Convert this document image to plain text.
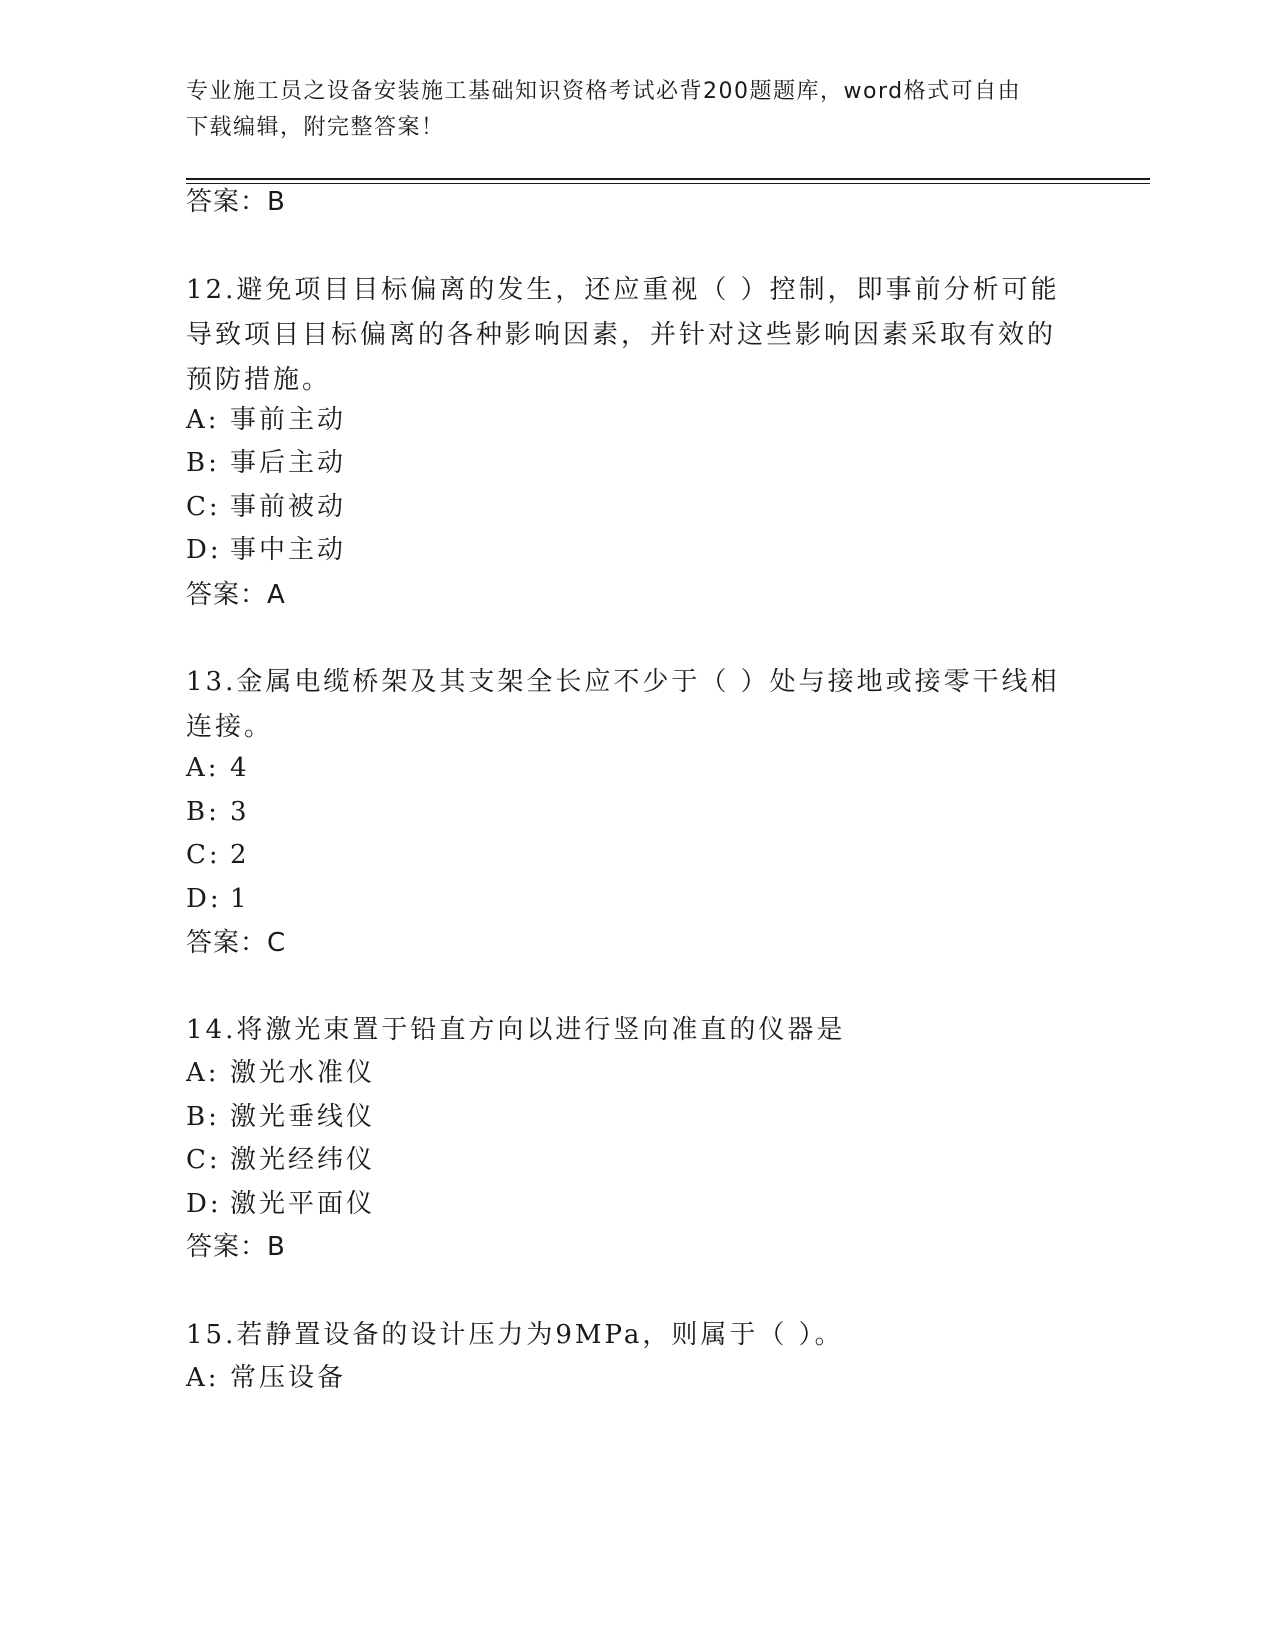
专业施工员之设备安装施工基础知识资格考试必背200题题库，word格式可自由
下载编辑，附完整答案！
答案：B
12.避免项目目标偏离的发生，还应重视（ ）控制，即事前分析可能导致项目目标偏离的各种影响因素，并针对这些影响因素采取有效的预防措施。
A: 事前主动
B: 事后主动
C: 事前被动
D: 事中主动
答案：A
13.金属电缆桥架及其支架全长应不少于（ ）处与接地或接零干线相连接。
A: 4
B: 3
C: 2
D: 1
答案：C
14.将激光束置于铅直方向以进行竖向准直的仪器是
A: 激光水准仪
B: 激光垂线仪
C: 激光经纬仪
D: 激光平面仪
答案：B
15.若静置设备的设计压力为9MPa，则属于（ ）。
A: 常压设备
